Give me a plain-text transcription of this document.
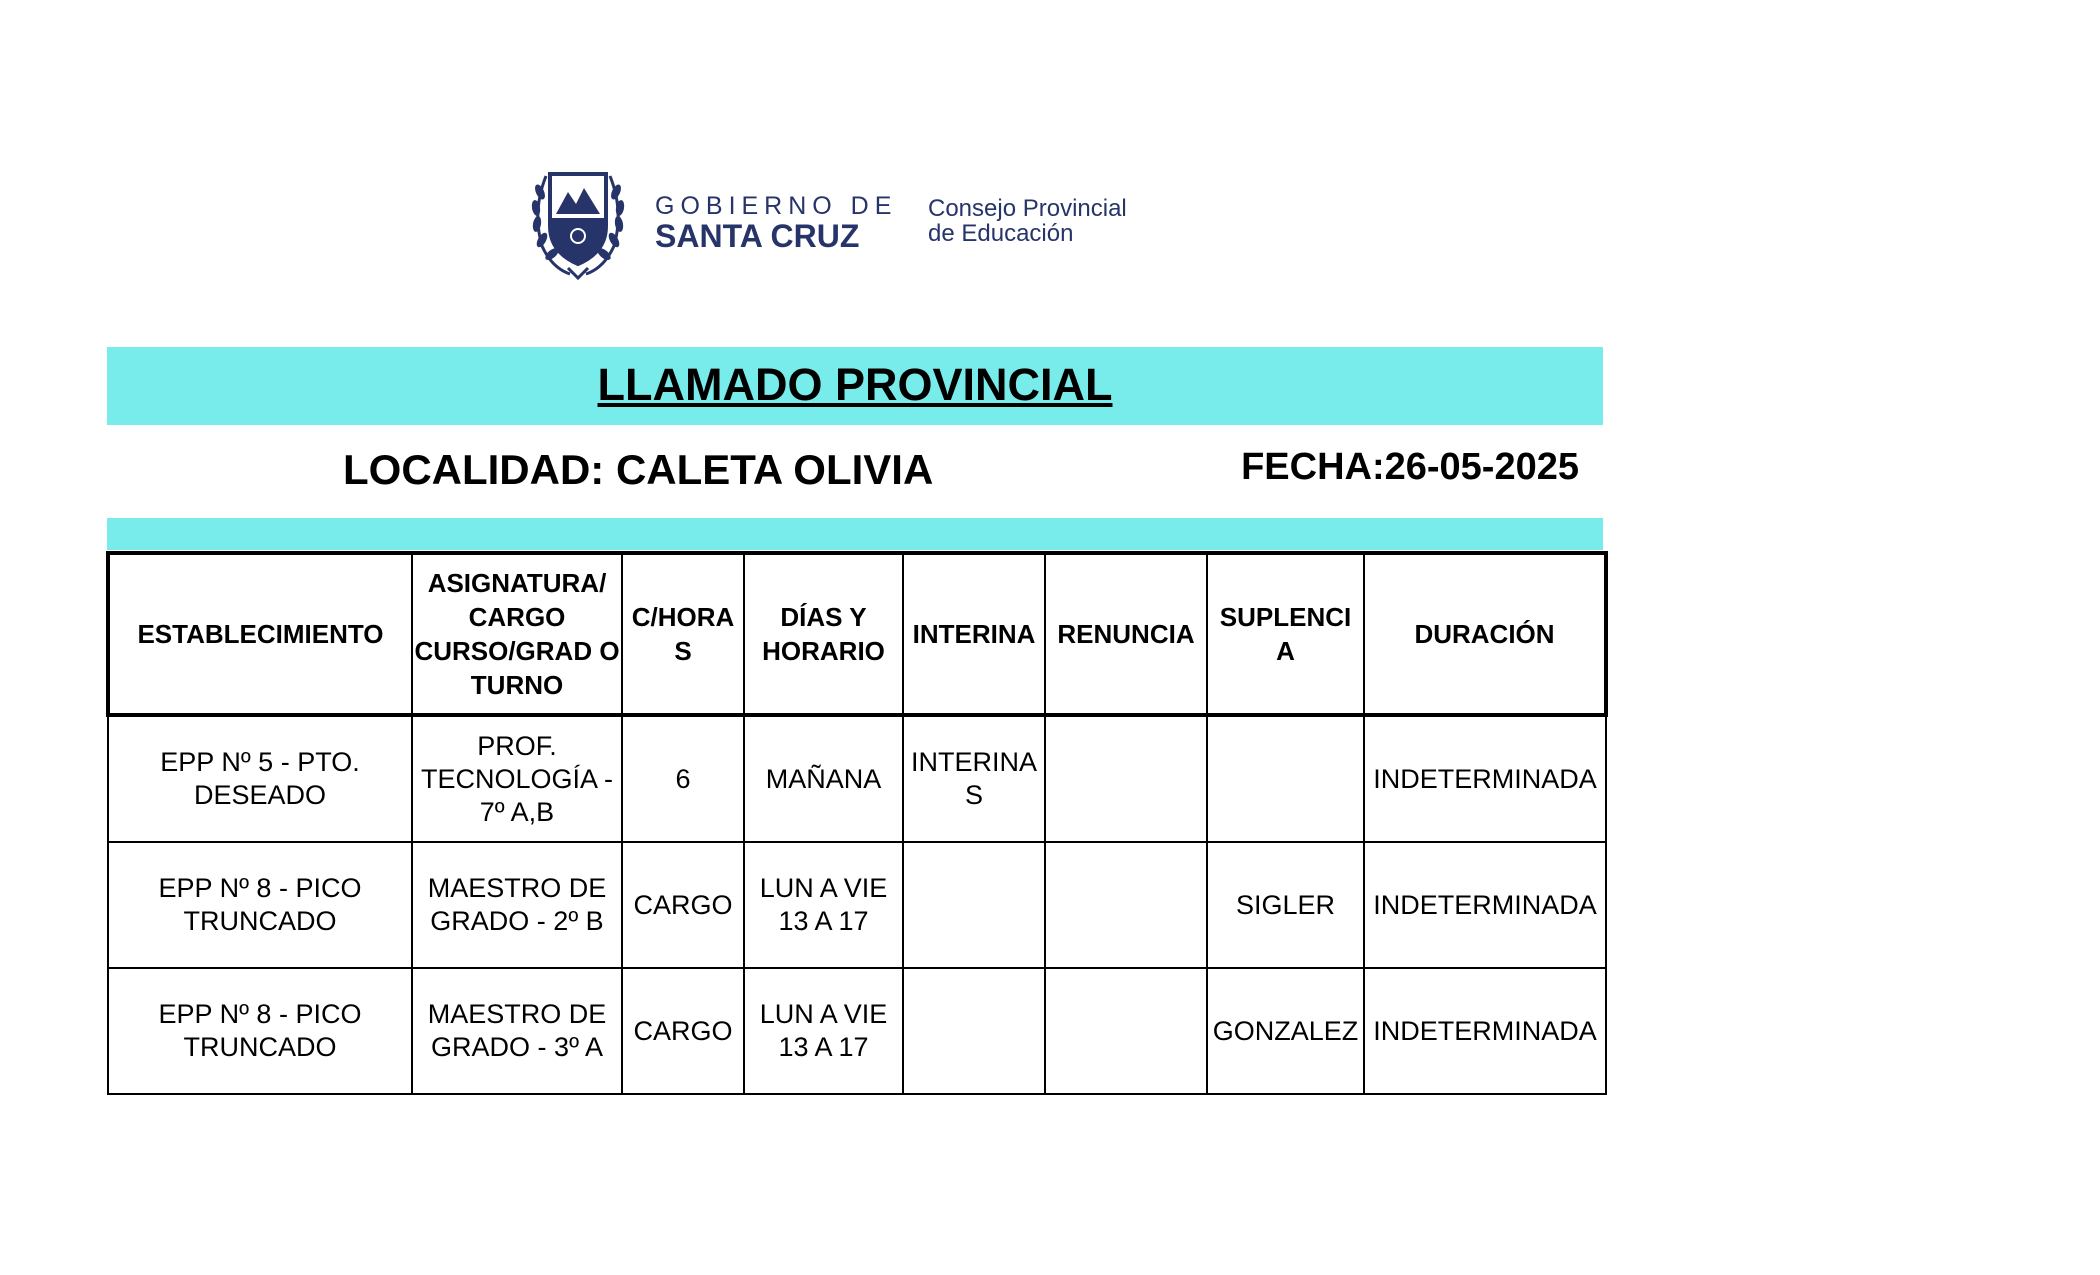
GOBIERNO DE
SANTA CRUZ
Consejo Provincial
de Educación
LLAMADO PROVINCIAL
LOCALIDAD: CALETA OLIVIA	FECHA:26-05-2025
ESTABLECIMIENTO	ASIGNATURA/ CARGO CURSO/GRAD O TURNO	C/HORA S	DÍAS Y HORARIO	INTERINA	RENUNCIA	SUPLENCI A	DURACIÓN
EPP Nº 5 - PTO. DESEADO	PROF. TECNOLOGÍA - 7º A,B	6	MAÑANA	INTERINA S			INDETERMINADA
EPP Nº 8 - PICO TRUNCADO	MAESTRO DE GRADO - 2º B	CARGO	LUN A VIE 13 A 17			SIGLER	INDETERMINADA
EPP Nº 8 - PICO TRUNCADO	MAESTRO DE GRADO - 3º A	CARGO	LUN A VIE 13 A 17			GONZALEZ	INDETERMINADA
